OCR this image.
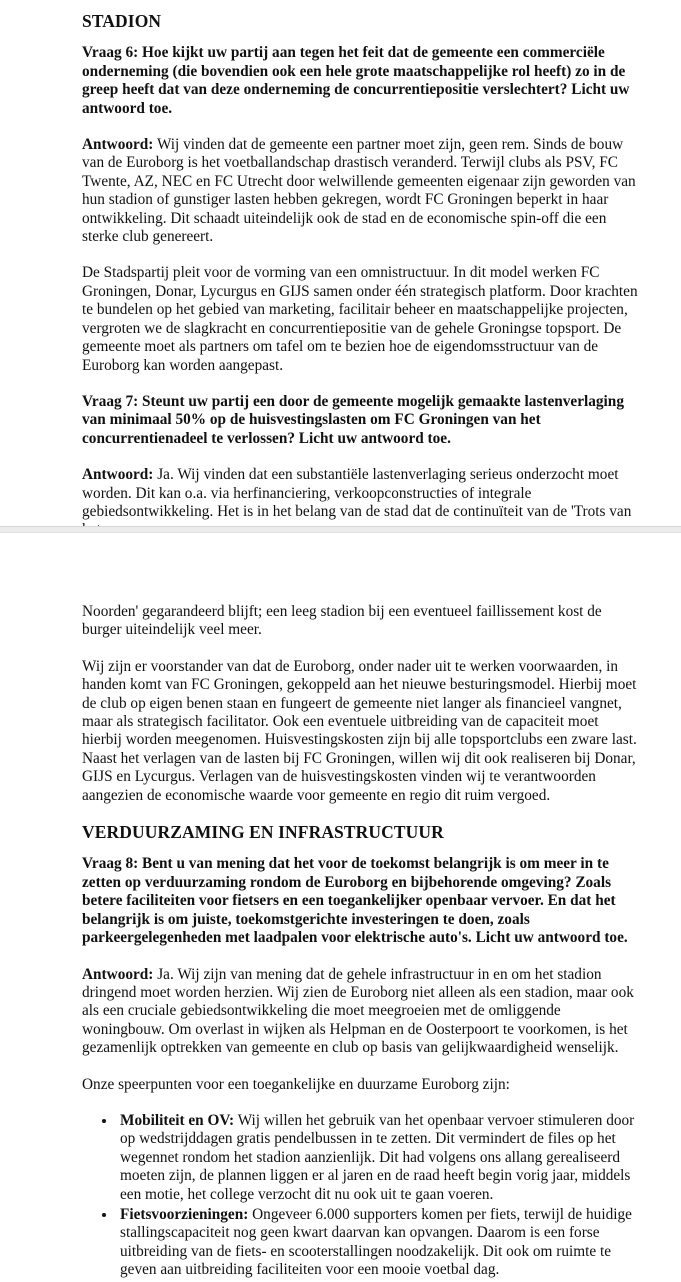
STADION

Vraag 6: Hoe kijkt uw partij aan tegen het feit dat de gemeente een commerciële onderneming (die bovendien ook een hele grote maatschappelijke rol heeft) zo in de greep heeft dat van deze onderneming de concurrentiepositie verslechtert? Licht uw antwoord toe.

Antwoord: Wij vinden dat de gemeente een partner moet zijn, geen rem. Sinds de bouw van de Euroborg is het voetballandschap drastisch veranderd. Terwijl clubs als PSV, FC Twente, AZ, NEC en FC Utrecht door welwillende gemeenten eigenaar zijn geworden van hun stadion of gunstiger lasten hebben gekregen, wordt FC Groningen beperkt in haar ontwikkeling. Dit schaadt uiteindelijk ook de stad en de economische spin-off die een sterke club genereert.

De Stadspartij pleit voor de vorming van een omnistructuur. In dit model werken FC Groningen, Donar, Lycurgus en GIJS samen onder één strategisch platform. Door krachten te bundelen op het gebied van marketing, facilitair beheer en maatschappelijke projecten, vergroten we de slagkracht en concurrentiepositie van de gehele Groningse topsport. De gemeente moet als partners om tafel om te bezien hoe de eigendomsstructuur van de Euroborg kan worden aangepast.

Vraag 7: Steunt uw partij een door de gemeente mogelijk gemaakte lastenverlaging van minimaal 50% op de huisvestingslasten om FC Groningen van het concurrentienadeel te verlossen? Licht uw antwoord toe.

Antwoord: Ja. Wij vinden dat een substantiële lastenverlaging serieus onderzocht moet worden. Dit kan o.a. via herfinanciering, verkoopconstructies of integrale gebiedsontwikkeling. Het is in het belang van de stad dat de continuïteit van de 'Trots van

Noorden' gegarandeerd blijft; een leeg stadion bij een eventueel faillissement kost de burger uiteindelijk veel meer.

Wij zijn er voorstander van dat de Euroborg, onder nader uit te werken voorwaarden, in handen komt van FC Groningen, gekoppeld aan het nieuwe besturingsmodel. Hierbij moet de club op eigen benen staan en fungeert de gemeente niet langer als financieel vangnet, maar als strategisch facilitator. Ook een eventuele uitbreiding van de capaciteit moet hierbij worden meegenomen. Huisvestingskosten zijn bij alle topsportclubs een zware last. Naast het verlagen van de lasten bij FC Groningen, willen wij dit ook realiseren bij Donar, GIJS en Lycurgus. Verlagen van de huisvestingskosten vinden wij te verantwoorden aangezien de economische waarde voor gemeente en regio dit ruim vergoed.

VERDUURZAMING EN INFRASTRUCTUUR

Vraag 8: Bent u van mening dat het voor de toekomst belangrijk is om meer in te zetten op verduurzaming rondom de Euroborg en bijbehorende omgeving? Zoals betere faciliteiten voor fietsers en een toegankelijker openbaar vervoer. En dat het belangrijk is om juiste, toekomstgerichte investeringen te doen, zoals parkeergelegenheden met laadpalen voor elektrische auto's. Licht uw antwoord toe.

Antwoord: Ja. Wij zijn van mening dat de gehele infrastructuur in en om het stadion dringend moet worden herzien. Wij zien de Euroborg niet alleen als een stadion, maar ook als een cruciale gebiedsontwikkeling die moet meegroeien met de omliggende woningbouw. Om overlast in wijken als Helpman en de Oosterpoort te voorkomen, is het gezamenlijk optrekken van gemeente en club op basis van gelijkwaardigheid wenselijk.

Onze speerpunten voor een toegankelijke en duurzame Euroborg zijn:

• Mobiliteit en OV: Wij willen het gebruik van het openbaar vervoer stimuleren door op wedstrijddagen gratis pendelbussen in te zetten. Dit vermindert de files op het wegennet rondom het stadion aanzienlijk. Dit had volgens ons allang gerealiseerd moeten zijn, de plannen liggen er al jaren en de raad heeft begin vorig jaar, middels een motie, het college verzocht dit nu ook uit te gaan voeren.
• Fietsvoorzieningen: Ongeveer 6.000 supporters komen per fiets, terwijl de huidige stallingscapaciteit nog geen kwart daarvan kan opvangen. Daarom is een forse uitbreiding van de fiets- en scooterstallingen noodzakelijk. Dit ook om ruimte te geven aan uitbreiding faciliteiten voor een mooie voetbal dag.
